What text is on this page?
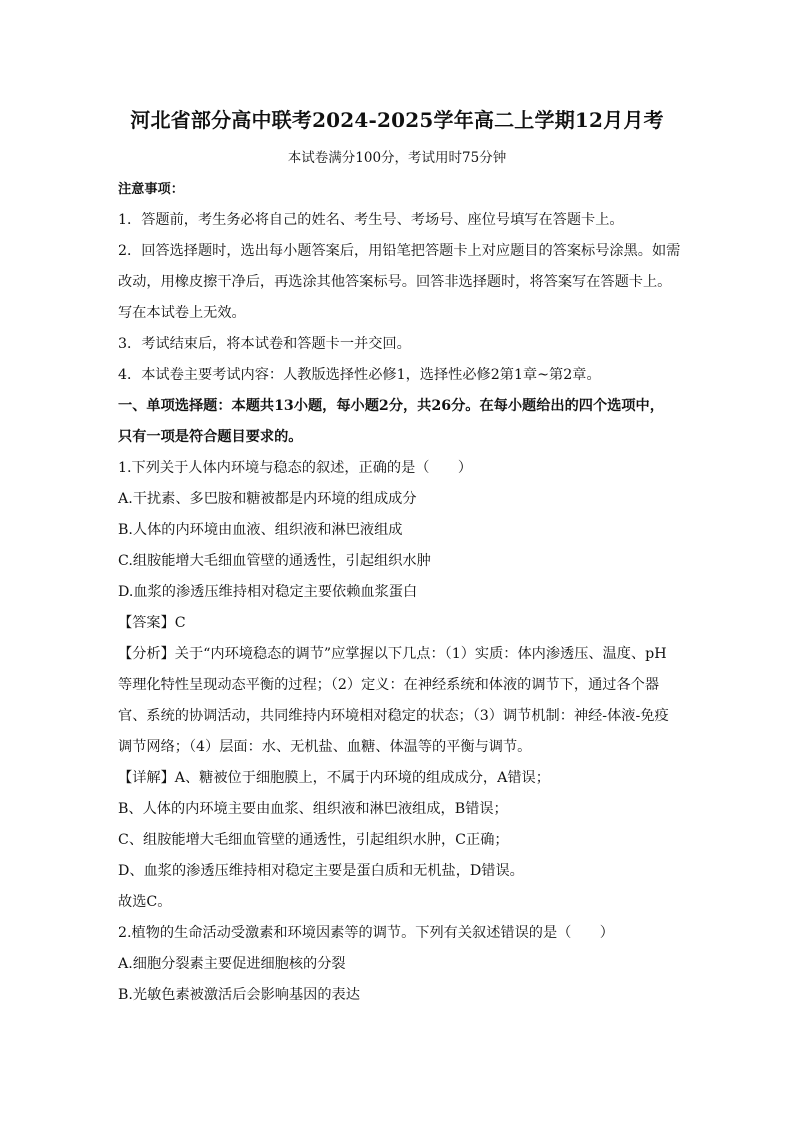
河北省部分高中联考2024-2025学年高二上学期12月月考
本试卷满分100分，考试用时75分钟
注意事项：
1．答题前，考生务必将自己的姓名、考生号、考场号、座位号填写在答题卡上。
2．回答选择题时，选出每小题答案后，用铅笔把答题卡上对应题目的答案标号涂黑。如需
改动，用橡皮擦干净后，再选涂其他答案标号。回答非选择题时，将答案写在答题卡上。
写在本试卷上无效。
3．考试结束后，将本试卷和答题卡一并交回。
4．本试卷主要考试内容：人教版选择性必修1，选择性必修2第1章~第2章。
一、单项选择题：本题共13小题，每小题2分，共26分。在每小题给出的四个选项中，
只有一项是符合题目要求的。
1.下列关于人体内环境与稳态的叙述，正确的是（　　）
A.干扰素、多巴胺和糖被都是内环境的组成成分
B.人体的内环境由血液、组织液和淋巴液组成
C.组胺能增大毛细血管壁的通透性，引起组织水肿
D.血浆的渗透压维持相对稳定主要依赖血浆蛋白
【答案】C
【分析】关于“内环境稳态的调节”应掌握以下几点：（1）实质：体内渗透压、温度、pH
等理化特性呈现动态平衡的过程；（2）定义：在神经系统和体液的调节下，通过各个器
官、系统的协调活动，共同维持内环境相对稳定的状态；（3）调节机制：神经-体液-免疫
调节网络；（4）层面：水、无机盐、血糖、体温等的平衡与调节。
【详解】A、糖被位于细胞膜上，不属于内环境的组成成分，A错误；
B、人体的内环境主要由血浆、组织液和淋巴液组成，B错误；
C、组胺能增大毛细血管壁的通透性，引起组织水肿，C正确；
D、血浆的渗透压维持相对稳定主要是蛋白质和无机盐，D错误。
故选C。
2.植物的生命活动受激素和环境因素等的调节。下列有关叙述错误的是（　　）
A.细胞分裂素主要促进细胞核的分裂
B.光敏色素被激活后会影响基因的表达
